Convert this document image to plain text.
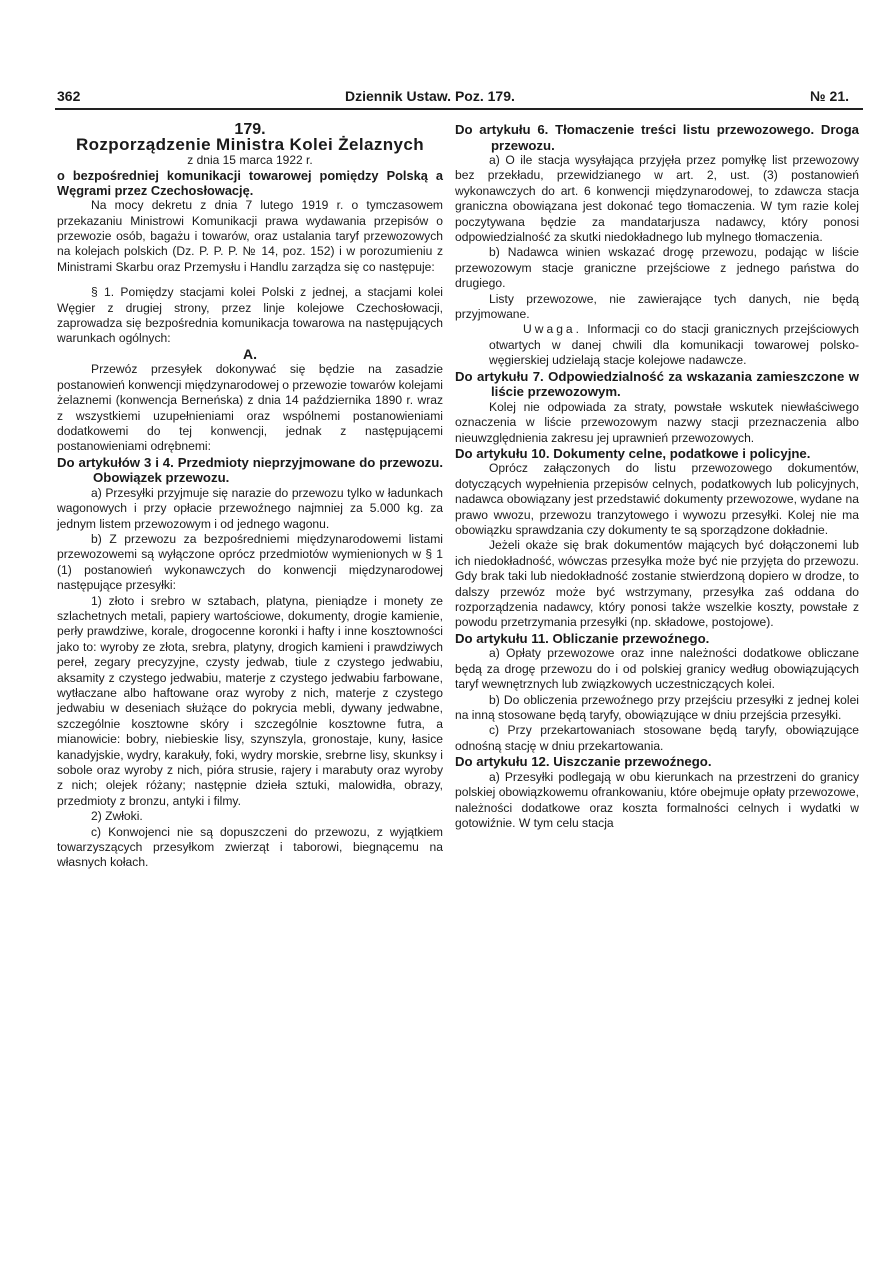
362	Dziennik Ustaw. Poz. 179.	№ 21.

179.

Rozporządzenie Ministra Kolei Żelaznych

z dnia 15 marca 1922 r.

o bezpośredniej komunikacji towarowej pomiędzy Polską a Węgrami przez Czechosłowację.

Na mocy dekretu z dnia 7 lutego 1919 r. o tymczasowem przekazaniu Ministrowi Komunikacji prawa wydawania przepisów o przewozie osób, bagażu i towarów, oraz ustalania taryf przewozowych na kolejach polskich (Dz. P. P. P. № 14, poz. 152) i w porozumieniu z Ministrami Skarbu oraz Przemysłu i Handlu zarządza się co następuje:

§ 1. Pomiędzy stacjami kolei Polski z jednej, a stacjami kolei Węgier z drugiej strony, przez linje kolejowe Czechosłowacji, zaprowadza się bezpośrednia komunikacja towarowa na następujących warunkach ogólnych:

A.

Przewóz przesyłek dokonywać się będzie na zasadzie postanowień konwencji międzynarodowej o przewozie towarów kolejami żelaznemi (konwencja Berneńska) z dnia 14 października 1890 r. wraz z wszystkiemi uzupełnieniami oraz wspólnemi postanowieniami dodatkowemi do tej konwencji, jednak z następującemi postanowieniami odrębnemi:

Do artykułów 3 i 4. Przedmioty nieprzyjmowane do przewozu. Obowiązek przewozu.

a) Przesyłki przyjmuje się narazie do przewozu tylko w ładunkach wagonowych i przy opłacie przewoźnego najmniej za 5.000 kg. za jednym listem przewozowym i od jednego wagonu.

b) Z przewozu za bezpośredniemi międzynarodowemi listami przewozowemi są wyłączone oprócz przedmiotów wymienionych w § 1 (1) postanowień wykonawczych do konwencji międzynarodowej następujące przesyłki:

1) złoto i srebro w sztabach, platyna, pieniądze i monety ze szlachetnych metali, papiery wartościowe, dokumenty, drogie kamienie, perły prawdziwe, korale, drogocenne koronki i hafty i inne kosztowności jako to: wyroby ze złota, srebra, platyny, drogich kamieni i prawdziwych pereł, zegary precyzyjne, czysty jedwab, tiule z czystego jedwabiu, aksamity z czystego jedwabiu, materje z czystego jedwabiu farbowane, wytłaczane albo haftowane oraz wyroby z nich, materje z czystego jedwabiu w deseniach służące do pokrycia mebli, dywany jedwabne, szczególnie kosztowne skóry i szczególnie kosztowne futra, a mianowicie: bobry, niebieskie lisy, szynszyla, gronostaje, kuny, łasice kanadyjskie, wydry, karakuły, foki, wydry morskie, srebrne lisy, skunksy i sobole oraz wyroby z nich, pióra strusie, rajery i marabuty oraz wyroby z nich; olejek różany; następnie dzieła sztuki, malowidła, obrazy, przedmioty z bronzu, antyki i filmy.

2) Zwłoki.

c) Konwojenci nie są dopuszczeni do przewozu, z wyjątkiem towarzyszących przesyłkom zwierząt i taborowi, biegnącemu na własnych kołach.

Do artykułu 6. Tłomaczenie treści listu przewozowego. Droga przewozu.

a) O ile stacja wysyłająca przyjęła przez pomyłkę list przewozowy bez przekładu, przewidzianego w art. 2, ust. (3) postanowień wykonawczych do art. 6 konwencji międzynarodowej, to zdawcza stacja graniczna obowiązana jest dokonać tego tłomaczenia. W tym razie kolej poczytywana będzie za mandatarjusza nadawcy, który ponosi odpowiedzialność za skutki niedokładnego lub mylnego tłomaczenia.

b) Nadawca winien wskazać drogę przewozu, podając w liście przewozowym stacje graniczne przejściowe z jednego państwa do drugiego.

Listy przewozowe, nie zawierające tych danych, nie będą przyjmowane.

Uwaga. Informacji co do stacji granicznych przejściowych otwartych w danej chwili dla komunikacji towarowej polsko-węgierskiej udzielają stacje kolejowe nadawcze.

Do artykułu 7. Odpowiedzialność za wskazania zamieszczone w liście przewozowym.

Kolej nie odpowiada za straty, powstałe wskutek niewłaściwego oznaczenia w liście przewozowym nazwy stacji przeznaczenia albo nieuwzględnienia zakresu jej uprawnień przewozowych.

Do artykułu 10. Dokumenty celne, podatkowe i policyjne.

Oprócz załączonych do listu przewozowego dokumentów, dotyczących wypełnienia przepisów celnych, podatkowych lub policyjnych, nadawca obowiązany jest przedstawić dokumenty przewozowe, wydane na prawo wwozu, przewozu tranzytowego i wywozu przesyłki. Kolej nie ma obowiązku sprawdzania czy dokumenty te są sporządzone dokładnie.

Jeżeli okaże się brak dokumentów mających być dołączonemi lub ich niedokładność, wówczas przesyłka może być nie przyjęta do przewozu. Gdy brak taki lub niedokładność zostanie stwierdzoną dopiero w drodze, to dalszy przewóz może być wstrzymany, przesyłka zaś oddana do rozporządzenia nadawcy, który ponosi także wszelkie koszty, powstałe z powodu przetrzymania przesyłki (np. składowe, postojowe).

Do artykułu 11. Obliczanie przewoźnego.

a) Opłaty przewozowe oraz inne należności dodatkowe obliczane będą za drogę przewozu do i od polskiej granicy według obowiązujących taryf wewnętrznych lub związkowych uczestniczących kolei.

b) Do obliczenia przewoźnego przy przejściu przesyłki z jednej kolei na inną stosowane będą taryfy, obowiązujące w dniu przejścia przesyłki.

c) Przy przekartowaniach stosowane będą taryfy, obowiązujące odnośną stację w dniu przekartowania.

Do artykułu 12. Uiszczanie przewoźnego.

a) Przesyłki podlegają w obu kierunkach na przestrzeni do granicy polskiej obowiązkowemu ofrankowaniu, które obejmuje opłaty przewozowe, należności dodatkowe oraz koszta formalności celnych i wydatki w gotowiźnie. W tym celu stacja
